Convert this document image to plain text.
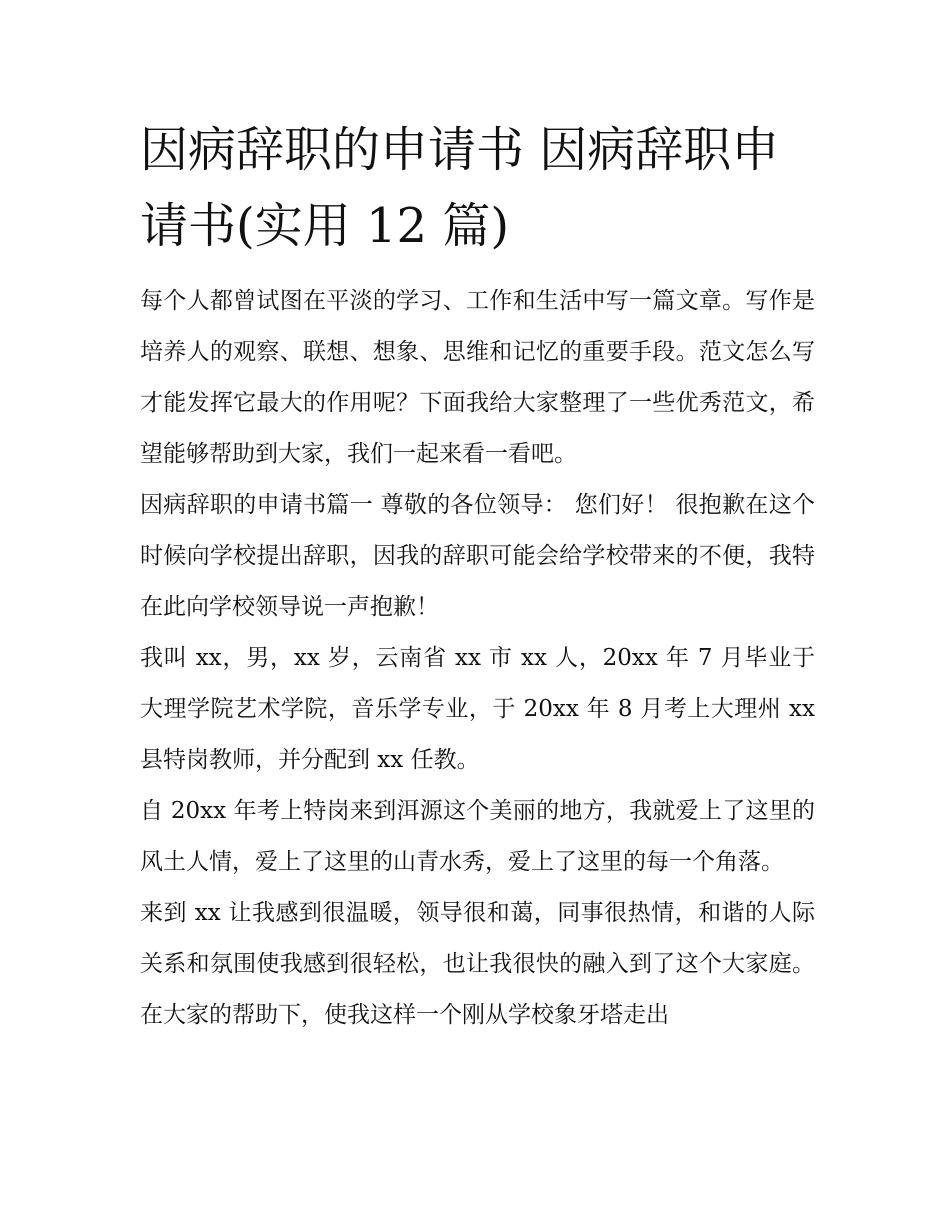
因病辞职的申请书 因病辞职申请书(实用 12 篇)

每个人都曾试图在平淡的学习、工作和生活中写一篇文章。写作是培养人的观察、联想、想象、思维和记忆的重要手段。范文怎么写才能发挥它最大的作用呢？下面我给大家整理了一些优秀范文，希望能够帮助到大家，我们一起来看一看吧。

因病辞职的申请书篇一 尊敬的各位领导： 您们好！ 很抱歉在这个时候向学校提出辞职，因我的辞职可能会给学校带来的不便，我特在此向学校领导说一声抱歉！

我叫 xx，男，xx 岁，云南省 xx 市 xx 人，20xx 年 7 月毕业于大理学院艺术学院，音乐学专业，于 20xx 年 8 月考上大理州 xx 县特岗教师，并分配到 xx 任教。

自 20xx 年考上特岗来到洱源这个美丽的地方，我就爱上了这里的风土人情，爱上了这里的山青水秀，爱上了这里的每一个角落。

来到 xx 让我感到很温暖，领导很和蔼，同事很热情，和谐的人际关系和氛围使我感到很轻松，也让我很快的融入到了这个大家庭。在大家的帮助下，使我这样一个刚从学校象牙塔走出
